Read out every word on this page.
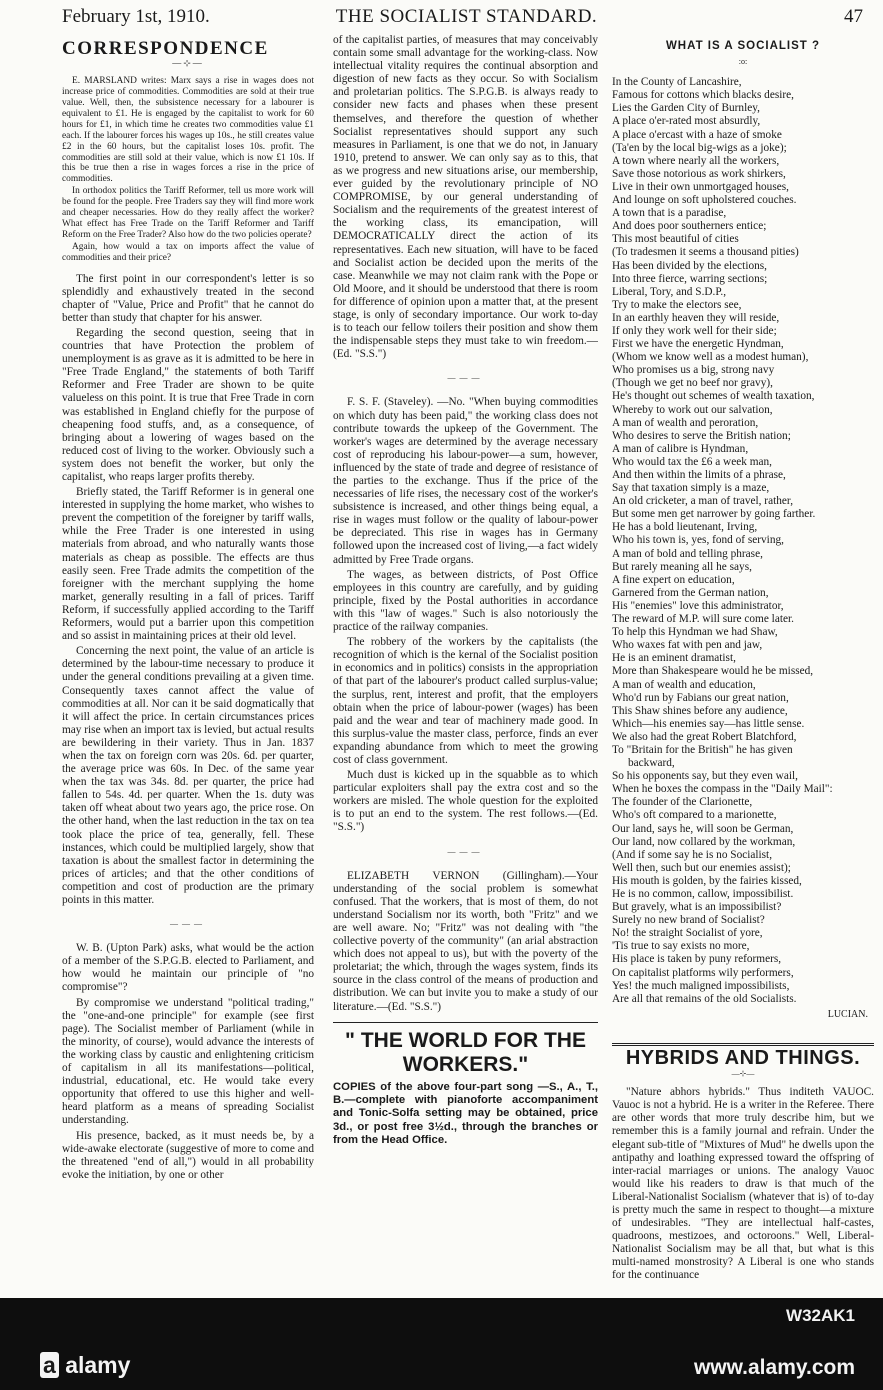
February 1st, 1910.	THE SOCIALIST STANDARD.	47
CORRESPONDENCE
—⊹—

E. MARSLAND writes: Marx says a rise in wages does not increase price of commodities. Commodities are sold at their true value. Well, then, the subsistence necessary for a labourer is equivalent to £1. He is engaged by the capitalist to work for 60 hours for £1, in which time he creates two commodities value £1 each. If the labourer forces his wages up 10s., he still creates value £2 in the 60 hours, but the capitalist loses 10s. profit. The commodities are still sold at their value, which is now £1 10s. If this be true then a rise in wages forces a rise in the price of commodities.

In orthodox politics the Tariff Reformer, tell us more work will be found for the people. Free Traders say they will find more work and cheaper necessaries. How do they really affect the worker? What effect has Free Trade on the Tariff Reformer and Tariff Reform on the Free Trader? Also how do the two policies operate?

Again, how would a tax on imports affect the value of commodities and their price?

The first point in our correspondent's letter is so splendidly and exhaustively treated in the second chapter of "Value, Price and Profit" that he cannot do better than study that chapter for his answer.

Regarding the second question, seeing that in countries that have Protection the problem of unemployment is as grave as it is admitted to be here in "Free Trade England," the statements of both Tariff Reformer and Free Trader are shown to be quite valueless on this point. It is true that Free Trade in corn was established in England chiefly for the purpose of cheapening food stuffs, and, as a consequence, of bringing about a lowering of wages based on the reduced cost of living to the worker. Obviously such a system does not benefit the worker, but only the capitalist, who reaps larger profits thereby.

Briefly stated, the Tariff Reformer is in general one interested in supplying the home market, who wishes to prevent the competition of the foreigner by tariff walls, while the Free Trader is one interested in using materials from abroad, and who naturally wants those materials as cheap as possible. The effects are thus easily seen. Free Trade admits the competition of the foreigner with the merchant supplying the home market, generally resulting in a fall of prices. Tariff Reform, if successfully applied according to the Tariff Reformers, would put a barrier upon this competition and so assist in maintaining prices at their old level.

Concerning the next point, the value of an article is determined by the labour-time necessary to produce it under the general conditions prevailing at a given time. Consequently taxes cannot affect the value of commodities at all. Nor can it be said dogmatically that it will affect the price. In certain circumstances prices may rise when an import tax is levied, but actual results are bewildering in their variety. Thus in Jan. 1837 when the tax on foreign corn was 20s. 6d. per quarter, the average price was 60s. In Dec. of the same year when the tax was 34s. 8d. per quarter, the price had fallen to 54s. 4d. per quarter. When the 1s. duty was taken off wheat about two years ago, the price rose. On the other hand, when the last reduction in the tax on tea took place the price of tea, generally, fell. These instances, which could be multiplied largely, show that taxation is about the smallest factor in determining the prices of articles; and that the other conditions of competition and cost of production are the primary points in this matter.

———

W. B. (Upton Park) asks, what would be the action of a member of the S.P.G.B. elected to Parliament, and how would he maintain our principle of "no compromise"?

By compromise we understand "political trading," the "one-and-one principle" for example (see first page). The Socialist member of Parliament (while in the minority, of course), would advance the interests of the working class by caustic and enlightening criticism of capitalism in all its manifestations—political, industrial, educational, etc. He would take every opportunity that offered to use this higher and well-heard platform as a means of spreading Socialist understanding.

His presence, backed, as it must needs be, by a wide-awake electorate (suggestive of more to come and the threatened "end of all,") would in all probability evoke the initiation, by one or other

of the capitalist parties, of measures that may conceivably contain some small advantage for the working-class. Now intellectual vitality requires the continual absorption and digestion of new facts as they occur. So with Socialism and proletarian politics. The S.P.G.B. is always ready to consider new facts and phases when these present themselves, and therefore the question of whether Socialist representatives should support any such measures in Parliament, is one that we do not, in January 1910, pretend to answer. We can only say as to this, that as we progress and new situations arise, our membership, ever guided by the revolutionary principle of NO COMPROMISE, by our general understanding of Socialism and the requirements of the greatest interest of the working class, its emancipation, will DEMOCRATICALLY direct the action of its representatives. Each new situation, will have to be faced and Socialist action be decided upon the merits of the case. Meanwhile we may not claim rank with the Pope or Old Moore, and it should be understood that there is room for difference of opinion upon a matter that, at the present stage, is only of secondary importance. Our work to-day is to teach our fellow toilers their position and show them the indispensable steps they must take to win freedom.—(Ed. "S.S.")

———

F. S. F. (Staveley). —No. "When buying commodities on which duty has been paid," the working class does not contribute towards the upkeep of the Government. The worker's wages are determined by the average necessary cost of reproducing his labour-power—a sum, however, influenced by the state of trade and degree of resistance of the parties to the exchange. Thus if the price of the necessaries of life rises, the necessary cost of the worker's subsistence is increased, and other things being equal, a rise in wages must follow or the quality of labour-power be depreciated. This rise in wages has in Germany followed upon the increased cost of living,—a fact widely admitted by Free Trade organs.

The wages, as between districts, of Post Office employees in this country are carefully, and by guiding principle, fixed by the Postal authorities in accordance with this "law of wages." Such is also notoriously the practice of the railway companies.

The robbery of the workers by the capitalists (the recognition of which is the kernal of the Socialist position in economics and in politics) consists in the appropriation of that part of the labourer's product called surplus-value; the surplus, rent, interest and profit, that the employers obtain when the price of labour-power (wages) has been paid and the wear and tear of machinery made good. In this surplus-value the master class, perforce, finds an ever expanding abundance from which to meet the growing cost of class government.

Much dust is kicked up in the squabble as to which particular exploiters shall pay the extra cost and so the workers are misled. The whole question for the exploited is to put an end to the system. The rest follows.—(Ed. "S.S.")

———

ELIZABETH VERNON (Gillingham).—Your understanding of the social problem is somewhat confused. That the workers, that is most of them, do not understand Socialism nor its worth, both "Fritz" and we are well aware. No; "Fritz" was not dealing with "the collective poverty of the community" (an arial abstraction which does not appeal to us), but with the poverty of the proletariat; the which, through the wages system, finds its source in the class control of the means of production and distribution. We can but invite you to make a study of our literature.—(Ed. "S.S.")

" THE WORLD FOR THE WORKERS."
COPIES of the above four-part song —S., A., T., B.—complete with pianoforte accompaniment and Tonic-Solfa setting may be obtained, price 3d., or post free 3½d., through the branches or from the Head Office.
WHAT IS A SOCIALIST ?
:o:
In the County of Lancashire,
Famous for cottons which blacks desire,
Lies the Garden City of Burnley,
A place o'er-rated most absurdly,
A place o'ercast with a haze of smoke
(Ta'en by the local big-wigs as a joke);
A town where nearly all the workers,
Save those notorious as work shirkers,
Live in their own unmortgaged houses,
And lounge on soft upholstered couches.
A town that is a paradise,
And does poor southerners entice;
This most beautiful of cities
(To tradesmen it seems a thousand pities)
Has been divided by the elections,
Into three fierce, warring sections;
Liberal, Tory, and S.D.P.,
Try to make the electors see,
In an earthly heaven they will reside,
If only they work well for their side;
First we have the energetic Hyndman,
(Whom we know well as a modest human),
Who promises us a big, strong navy
(Though we get no beef nor gravy),
He's thought out schemes of wealth taxation,
Whereby to work out our salvation,
A man of wealth and peroration,
Who desires to serve the British nation;
A man of calibre is Hyndman,
Who would tax the £6 a week man,
And then within the limits of a phrase,
Say that taxation simply is a maze,
An old cricketer, a man of travel, rather,
But some men get narrower by going farther.
He has a bold lieutenant, Irving,
Who his town is, yes, fond of serving,
A man of bold and telling phrase,
But rarely meaning all he says,
A fine expert on education,
Garnered from the German nation,
His "enemies" love this administrator,
The reward of M.P. will sure come later.
To help this Hyndman we had Shaw,
Who waxes fat with pen and jaw,
He is an eminent dramatist,
More than Shakespeare would he be missed,
A man of wealth and education,
Who'd run by Fabians our great nation,
This Shaw shines before any audience,
Which—his enemies say—has little sense.
We also had the great Robert Blatchford,
To "Britain for the British" he has given
backward,
So his opponents say, but they even wail,
When he boxes the compass in the "Daily Mail":
The founder of the Clarionette,
Who's oft compared to a marionette,
Our land, says he, will soon be German,
Our land, now collared by the workman,
(And if some say he is no Socialist,
Well then, such but our enemies assist);
His mouth is golden, by the fairies kissed,
He is no common, callow, impossibilist.
But gravely, what is an impossibilist?
Surely no new brand of Socialist?
No! the straight Socialist of yore,
'Tis true to say exists no more,
His place is taken by puny reformers,
On capitalist platforms wily performers,
Yes! the much maligned impossibilists,
Are all that remains of the old Socialists.
LUCIAN.
HYBRIDS AND THINGS.
—⊹—

"Nature abhors hybrids." Thus inditeth VAUOC. Vauoc is not a hybrid. He is a writer in the Referee. There are other words that more truly describe him, but we remember this is a family journal and refrain. Under the elegant sub-title of "Mixtures of Mud" he dwells upon the antipathy and loathing expressed toward the offspring of inter-racial marriages or unions. The analogy Vauoc would like his readers to draw is that much of the Liberal-Nationalist Socialism (whatever that is) of to-day is pretty much the same in respect to thought—a mixture of undesirables. "They are intellectual half-castes, quadroons, mestizoes, and octoroons." Well, Liberal-Nationalist Socialism may be all that, but what is this multi-named monstrosity? A Liberal is one who stands for the continuance

a alamy
W32AK1
www.alamy.com
